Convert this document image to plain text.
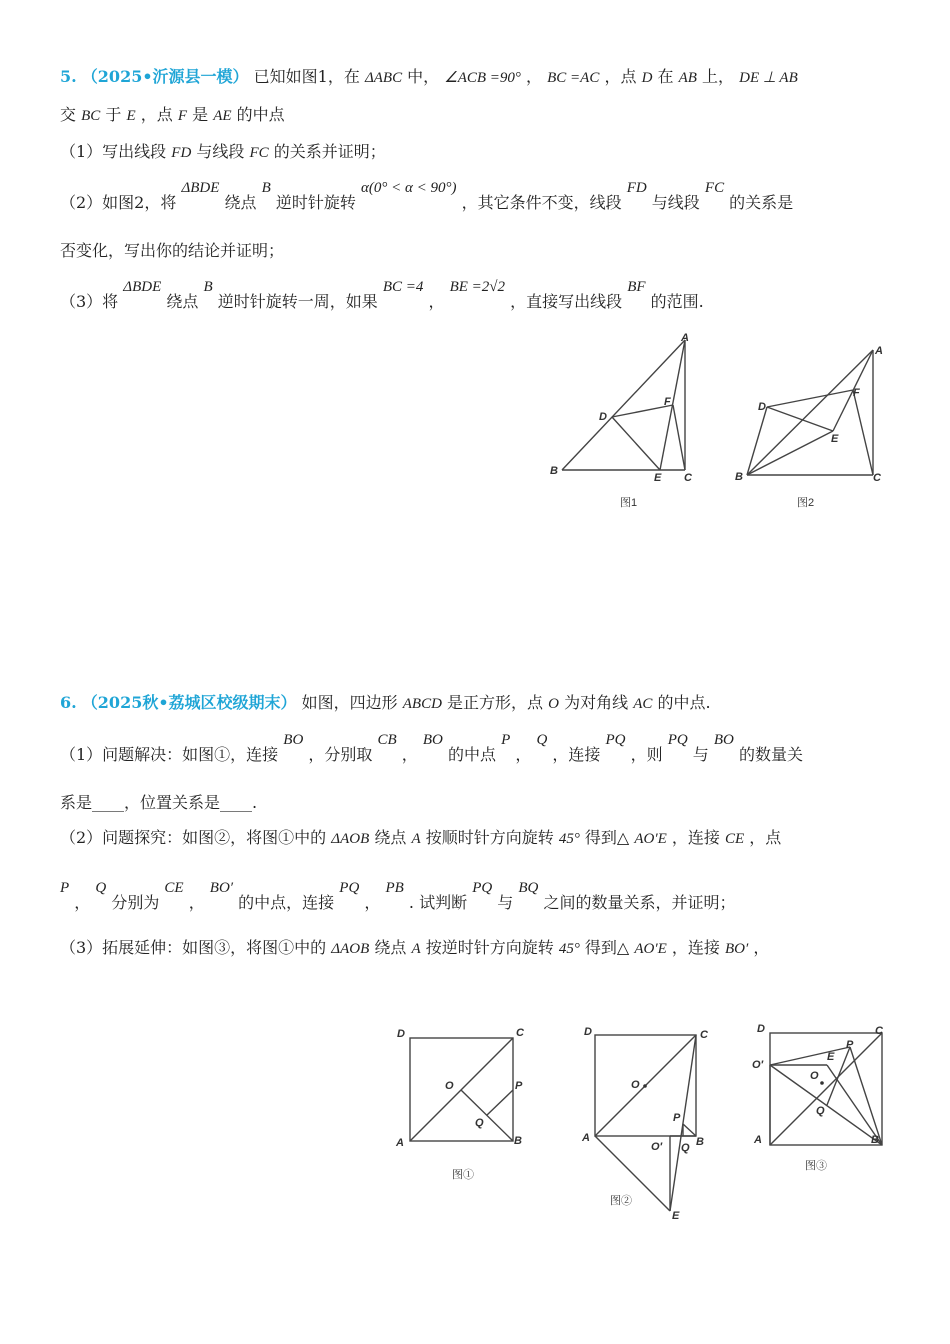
5. （2025•沂源县一模） 已知如图1，在 ΔABC 中， ∠ACB =90° ， BC =AC ，点 D 在 AB 上， DE ⊥ AB
交 BC 于 E ，点 F 是 AE 的中点
（1）写出线段 FD 与线段 FC 的关系并证明；
（2）如图2，将 ΔBDE 绕点 B 逆时针旋转 α(0° < α < 90°) ，其它条件不变，线段 FD 与线段 FC 的关系是
否变化，写出你的结论并证明；
（3）将 ΔBDE 绕点 B 逆时针旋转一周，如果 BC =4 ， BE =2√2 ，直接写出线段 BF 的范围.
A
B
C
D
E
F
图1
A
B	C
D
E
F
图2
6. （2025秋•荔城区校级期末） 如图，四边形 ABCD 是正方形，点 O 为对角线 AC 的中点.
（1）问题解决：如图①，连接 BO ，分别取 CB ， BO 的中点 P ， Q ，连接 PQ ，则 PQ 与 BO 的数量关
系是____，位置关系是____.
（2）问题探究：如图②，将图①中的 ΔAOB 绕点 A 按顺时针方向旋转 45° 得到△ AO′E ，连接 CE ，点
P ， Q 分别为 CE ， BO′ 的中点，连接 PQ ， PB . 试判断 PQ 与 BQ 之间的数量关系，并证明；
（3）拓展延伸：如图③，将图①中的 ΔAOB 绕点 A 按逆时针方向旋转 45° 得到△ AO′E ，连接 BO′ ，
D	C
A	B
O	P
Q
图①
D	C
A	B
O
O′
P
Q
E
图②
D	C
A	B
O
O′
P
Q
E
图③
